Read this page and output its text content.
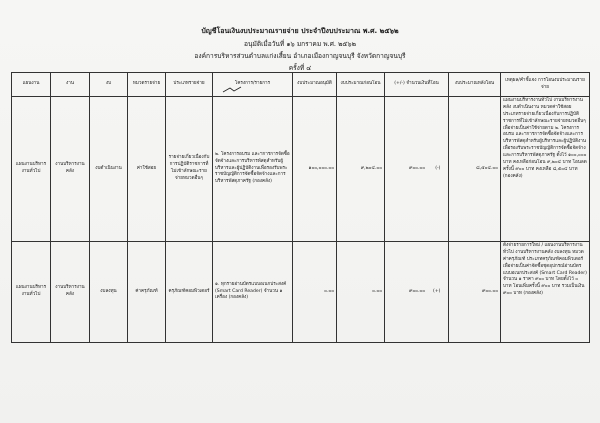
บัญชีโอนเงินงบประมาณรายจ่าย ประจำปีงบประมาณ พ.ศ. ๒๕๖๒
อนุมัติเมื่อวันที่ ๑๖ มกราคม พ.ศ. ๒๕๖๒
องค์การบริหารส่วนตำบลแก่งเสี้ยน อำเภอเมืองกาญจนบุรี จังหวัดกาญจนบุรี
ครั้งที่ ๔
แผนงาน	งาน	งบ	หมวดรายจ่าย	ประเภทรายจ่าย	โครงการ/รายการ	งบประมาณอนุมัติ	งบประมาณก่อนโอน	(+/-) จำนวนเงินที่โอน	งบประมาณหลังโอน	เหตุผล/คำชี้แจง การโอนงบประมาณรายจ่าย
แผนงานบริหารงานทั่วไป	งานบริหารงานคลัง	งบดำเนินงาน	ค่าใช้สอย	รายจ่ายเกี่ยวเนื่องกับการปฏิบัติราชการที่ไม่เข้าลักษณะรายจ่ายหมวดอื่นๆ	๒. โครงการอบรม และฯการการจัดซื้อจัดจ้างและการบริหารพัสดุสำหรับผู้บริหารและผู้ปฏิบัติงานเพื่อรองรับพระราชบัญญัติการจัดซื้อจัดจ้างและการบริหารพัสดุภาครัฐ (กองคลัง)	๑๐๐,๐๐๐.๐๐	๙,๒๐๔.๐๐	๙๐๐.๐๐ (-)	๘,๕๐๔.๐๐	แผนงานบริหารงานทั่วไป งานบริหารงานคลัง งบดำเนินงาน หมวดค่าใช้สอย ประเภทรายจ่ายเกี่ยวเนื่องกับการปฏิบัติราชการที่ไม่เข้าลักษณะรายจ่ายหมวดอื่นๆ เพื่อจ่ายเป็นค่าใช้จ่ายตาม ๒. โครงการอบรม และฯการการจัดซื้อจัดจ้างและการบริหารพัสดุสำหรับผู้บริหารและผู้ปฏิบัติงานเพื่อรองรับพระราชบัญญัติการจัดซื้อจัดจ้างและการบริหารพัสดุภาครัฐ ตั้งไว้ ๑๐๐,๐๐๐ บาท คงเหลือก่อนโอน ๙,๒๐๔ บาท โอนลดครั้งนี้ ๙๐๐ บาท คงเหลือ ๘,๕๐๔ บาท (กองคลัง)
แผนงานบริหารงานทั่วไป	งานบริหารงานคลัง	งบลงทุน	ค่าครุภัณฑ์	ครุภัณฑ์คอมพิวเตอร์	๑. ทุกรายอ่านบัตรแบบอเนกประสงค์ (Smart Card Reader) จำนวน ๑ เครื่อง (กองคลัง)	๐.๐๐	๐.๐๐	๙๐๐.๐๐ (+)	๙๐๐.๐๐	ตั้งจ่ายรายการใหม่ / แผนงานบริหารงานทั่วไป งานบริหารงานคลัง งบลงทุน หมวดค่าครุภัณฑ์ ประเภทครุภัณฑ์คอมพิวเตอร์ เพื่อจ่ายเป็นค่าจัดซื้อชุดอุปกรณ์อ่านบัตรแบบอเนกประสงค์ (Smart Card Reader) จำนวน ๑ ราคา ๙๐๐ บาท โดยตั้งไว้ ๐ บาท โอนเพิ่มครั้งนี้ ๙๐๐ บาท รวมเป็นเงิน ๙๐๐ บาท (กองคลัง)
